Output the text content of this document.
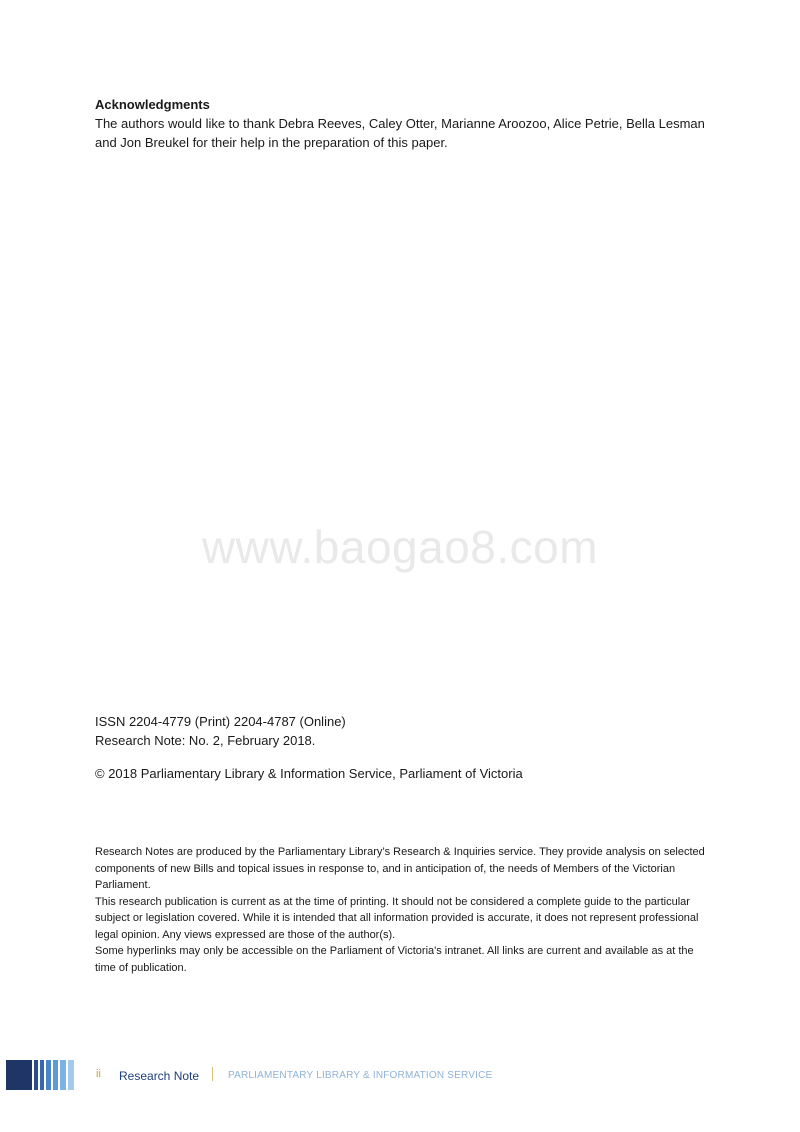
Acknowledgments
The authors would like to thank Debra Reeves, Caley Otter, Marianne Aroozoo, Alice Petrie, Bella Lesman and Jon Breukel for their help in the preparation of this paper.
www.baogao8.com
ISSN 2204-4779 (Print) 2204-4787 (Online)
Research Note: No. 2, February 2018.
© 2018 Parliamentary Library & Information Service, Parliament of Victoria

Research Notes are produced by the Parliamentary Library’s Research & Inquiries service. They provide analysis on selected components of new Bills and topical issues in response to, and in anticipation of, the needs of Members of the Victorian Parliament.

This research publication is current as at the time of printing. It should not be considered a complete guide to the particular subject or legislation covered. While it is intended that all information provided is accurate, it does not represent professional legal opinion. Any views expressed are those of the author(s).

Some hyperlinks may only be accessible on the Parliament of Victoria's intranet. All links are current and available as at the time of publication.

ii Research Note	PARLIAMENTARY LIBRARY & INFORMATION SERVICE
